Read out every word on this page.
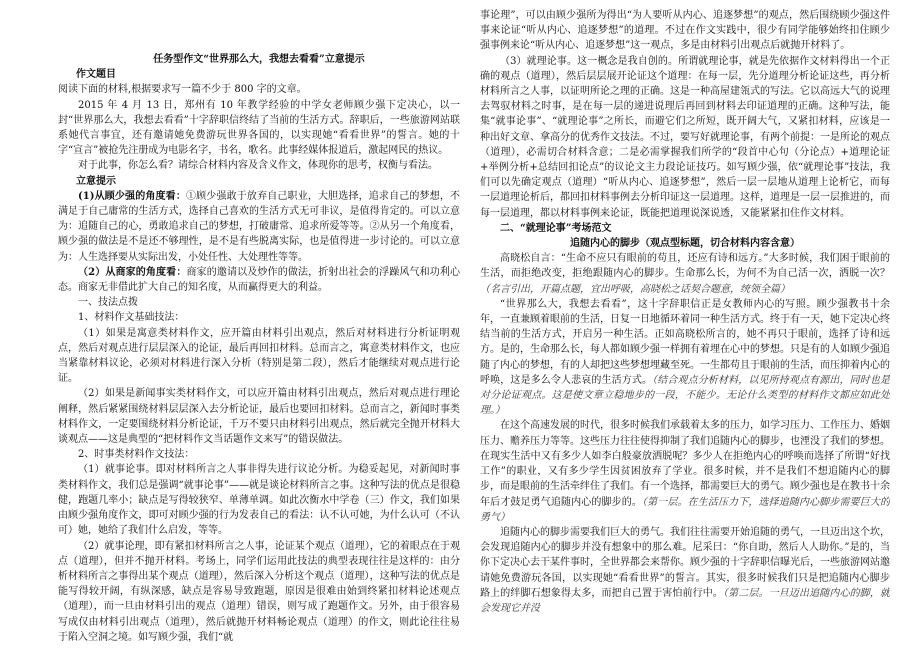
任务型作文“世界那么大，我想去看看”立意提示

作文题目

阅读下面的材料,根据要求写一篇不少于 800 字的文章。

2015 年 4 月 13 日，郑州有 10 年教学经验的中学女老师顾少强下定决心，以一封“世界那么大，我想去看看”十字辞职信终结了当前的生活方式。辞职后，一些旅游网站联系她代言事宜，还有邀请她免费游玩世界各国的，以实现她“看看世界”的誓言。她的十字“宣言”被抢先注册成为电影名字，书名，歌名。此事经媒体报道后，激起网民的热议。

对于此事，你怎么看？请综合材料内容及含义作文，体现你的思考，权衡与看法。

立意提示

(1)从顾少强的角度看：①顾少强敢于放弃自己职业，大胆选择，追求自己的梦想，不满足于自己庸常的生活方式，选择自己喜欢的生活方式无可非议，是值得肯定的。可以立意为：追随自己的心，勇敢追求自己的梦想，打破庸常、追求所爱等等。②从另一个角度看，顾少强的做法是不是还不够理性，是不是有些脱离实际，也是值得进一步讨论的。可以立意为：人生选择要从实际出发，小处任性、大处理性等等。

（2）从商家的角度看：商家的邀请以及炒作的做法，折射出社会的浮躁风气和功利心态。商家无非借此扩大自己的知名度，从而赢得更大的利益。

一、技法点拨

1、材料作文基础技法：

（1）如果是寓意类材料作文，应开篇由材料引出观点，然后对材料进行分析证明观点，然后对观点进行层层深入的论证，最后再回扣材料。总而言之，寓意类材料作文，也应当紧靠材料议论，必须对材料进行深入分析（特别是第二段），然后才能继续对观点进行论证。

（2）如果是新闻事实类材料作文，可以应开篇由材料引出观点，然后对观点进行理论阐释，然后紧紧围绕材料层层深入去分析论证，最后也要回扣材料。总而言之，新闻时事类材料作文，一定要围绕材料分析论证，千万不要只由材料引出观点，然后就完全抛开材料大谈观点——这是典型的“把材料作文当话题作文来写”的错误做法。

2、时事类材料作文技法：

（1）就事论事。即对材料所言之人事非得失进行议论分析。为稳妥起见，对新闻时事类材料作文，我们总是强调“就事论事”——就是谈论材料所言之事。这种写法的优点是很稳健，跑题几率小；缺点是写得较狭窄、单薄单调。如此次衡水中学卷（三）作文，我们如果由顾少强角度作文，即可对顾少强的行为发表自己的看法：认不认可她，为什么认可（不认可）她，她给了我们什么启发，等等。

（2）就事论理，即有紧扣材料所言之人事，论证某个观点（道理），它的着眼点在于观点（道理），但并不抛开材料。考场上，同学们运用此技法的典型表现往往是这样的：由分析材料所言之事得出某个观点（道理），然后深入分析这个观点（道理），这种写法的优点是能写得较开阔，有纵深感，缺点是容易导致跑题，原因是很难由始到终紧扣材料论述观点（道理），而一旦由材料引出的观点（道理）错误，则写成了跑题作文。另外，由于很容易写成仅由材料引出观点（道理），然后就抛开材料畅论观点（道理）的作文，则此论往往易于陷入空洞之境。如写顾少强，我们“就

事论理”，可以由顾少强所为得出“为人要听从内心、追逐梦想”的观点，然后围绕顾少强这件事来论证“听从内心、追逐梦想”的道理。不过在作文实践中，很少有同学能够始终扣住顾少强事例来论“听从内心、追逐梦想”这一观点，多是由材料引出观点后就抛开材料了。

（3）就理论事。这一概念是我自创的。所谓就理论事，就是先依据作文材料得出一个正确的观点（道理），然后层层展开论证这个道理：在每一层，先分道理分析论证这些，再分析材料所言之人事，以证明所论之理的正确。这是一种高屋建瓴式的写法。它以高远大气的说理去驾驭材料之时事，是在每一层的递进说理后再回到材料去印证道理的正确。这种写法，能集“就事论事”、“就理论事”之所长，而避它们之所短，既开阔大气，又紧扣材料，应该是一种出好文章、拿高分的优秀作文技法。不过，要写好就理论事，有两个前提：一是所论的观点（道理），必需切合材料含意；二是必需掌握我们所学的“段首中心句（分论点）+道理论证+举例分析+总结回扣论点”的议论文主力段论证技巧。如写顾少强，依“就理论事”技法，我们可以先确定观点（道理）“听从内心、追逐梦想”，然后一层一层地从道理上论析它，而每一层道理论析后，都回扣材料事例去分析印证这一层道理。这样，道理是一层一层推进的，而每一层道理，都以材料事例来论证，既能把道理说深说透，又能紧紧扣住作文材料。

二、“就理论事”考场范文

追随内心的脚步（观点型标题，切合材料内容含意）

高晓松自言：“生命不应只有眼前的苟且，还应有诗和远方。”大多时候，我们困于眼前的生活，而拒绝改变，拒绝跟随内心的脚步。生命那么长，为何不为自己活一次，洒脱一次？（名言引出，开篇点题，宜出呼吸，高晓松之话契合题意，统领全篇）

“世界那么大，我想去看看”，这十字辞职信正是女教师内心的写照。顾少强教书十余年，一直兼顾着眼前的生活，日复一日地循环着同一种生活方式。终于有一天，她下定决心终结当前的生活方式，开启另一种生活。正如高晓松所言的，她不再只于眼前，选择了诗和远方。是的，生命那么长，每人都如顾少强一样拥有着埋在心中的梦想。只是有的人如顾少强追随了内心的梦想，有的人却把这些梦想埋藏至死。一生都苟且于眼前的生活，而压抑着内心的呼唤，这是多么令人悲哀的生活方式。（结合观点分析材料，以见所持观点有源出，同时也是对分论证观点。这是使文章立稳地步的一段，不能少。无论什么类型的材料作文都应如此处理。）

在这个高速发展的时代，很多时候我们承载着太多的压力，如学习压力、工作压力、婚姻压力、赡养压力等等。这些压力往往使得抑制了我们追随内心的脚步，也湮没了我们的梦想。在现实生活中又有多少人如李白般豪放洒脱呢？多少人在拒绝内心的呼唤而选择了所谓“好找工作”的职业，又有多少学生因贫困放弃了学业。很多时候，并不是我们不想追随内心的脚步，而是眼前的生活牵绊住了我们。有一个选择，都需要巨大的勇气。顾少强也是在教书十余年后才鼓足勇气追随内心的脚步的。（第一层。在生活压力下，选择追随内心脚步需要巨大的勇气）

追随内心的脚步需要我们巨大的勇气。我们往往需要开始追随的勇气，一旦迈出这个坎，会发现追随内心的脚步并没有想象中的那么难。尼采曰：“你自助，然后人人助你。”是的，当你下定决心去干某件事时，全世界都会来帮你。顾少强的十字辞职信曝光后，一些旅游网站邀请她免费游玩各国，以实现她“看看世界”的誓言。其实，很多时候我们只是把追随内心脚步路上的绊脚石想象得太多，而把自己置于害怕前行中。（第二层。一旦迈出追随内心的脚，就会发现它并没
